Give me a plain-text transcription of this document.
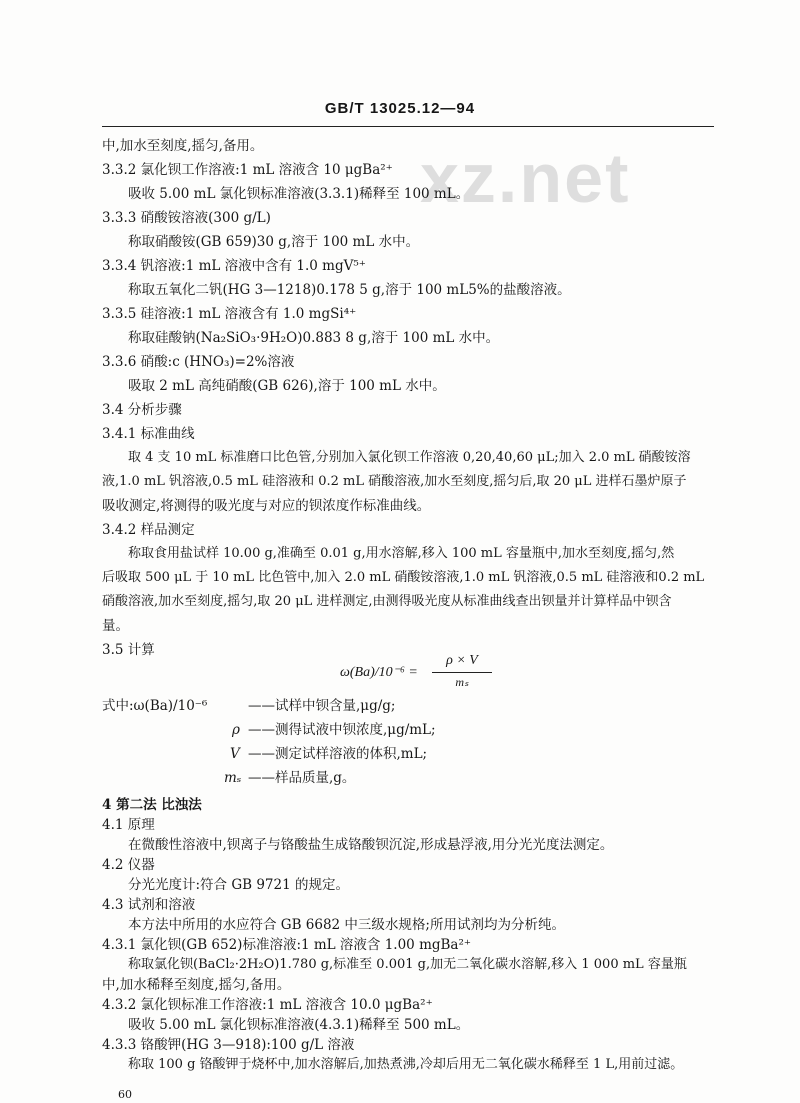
GB/T 13025.12—94
xz.net
中,加水至刻度,摇匀,备用。
3.3.2 氯化钡工作溶液:1 mL 溶液含 10 μgBa²⁺
吸收 5.00 mL 氯化钡标准溶液(3.3.1)稀释至 100 mL。
3.3.3 硝酸铵溶液(300 g/L)
称取硝酸铵(GB 659)30 g,溶于 100 mL 水中。
3.3.4 钒溶液:1 mL 溶液中含有 1.0 mgV⁵⁺
称取五氧化二钒(HG 3—1218)0.178 5 g,溶于 100 mL5%的盐酸溶液。
3.3.5 硅溶液:1 mL 溶液含有 1.0 mgSi⁴⁺
称取硅酸钠(Na₂SiO₃·9H₂O)0.883 8 g,溶于 100 mL 水中。
3.3.6 硝酸:c (HNO₃)=2%溶液
吸取 2 mL 高纯硝酸(GB 626),溶于 100 mL 水中。
3.4 分析步骤
3.4.1 标准曲线
取 4 支 10 mL 标准磨口比色管,分别加入氯化钡工作溶液 0,20,40,60 μL;加入 2.0 mL 硝酸铵溶
液,1.0 mL 钒溶液,0.5 mL 硅溶液和 0.2 mL 硝酸溶液,加水至刻度,摇匀后,取 20 μL 进样石墨炉原子
吸收测定,将测得的吸光度与对应的钡浓度作标准曲线。
3.4.2 样品测定
称取食用盐试样 10.00 g,准确至 0.01 g,用水溶解,移入 100 mL 容量瓶中,加水至刻度,摇匀,然
后吸取 500 μL 于 10 mL 比色管中,加入 2.0 mL 硝酸铵溶液,1.0 mL 钒溶液,0.5 mL 硅溶液和0.2 mL
硝酸溶液,加水至刻度,摇匀,取 20 μL 进样测定,由测得吸光度从标准曲线查出钡量并计算样品中钡含
量。
3.5 计算
ω(Ba)/10⁻⁶ =
ρ × V
mₛ
式中:ω(Ba)/10⁻⁶	——试样中钡含量,μg/g;
ρ ——测得试液中钡浓度,μg/mL;
V ——测定试样溶液的体积,mL;
mₛ ——样品质量,g。
4 第二法 比浊法
4.1 原理
在微酸性溶液中,钡离子与铬酸盐生成铬酸钡沉淀,形成悬浮液,用分光光度法测定。
4.2 仪器
分光光度计:符合 GB 9721 的规定。
4.3 试剂和溶液
本方法中所用的水应符合 GB 6682 中三级水规格;所用试剂均为分析纯。
4.3.1 氯化钡(GB 652)标准溶液:1 mL 溶液含 1.00 mgBa²⁺
称取氯化钡(BaCl₂·2H₂O)1.780 g,标准至 0.001 g,加无二氧化碳水溶解,移入 1 000 mL 容量瓶
中,加水稀释至刻度,摇匀,备用。
4.3.2 氯化钡标准工作溶液:1 mL 溶液含 10.0 μgBa²⁺
吸收 5.00 mL 氯化钡标准溶液(4.3.1)稀释至 500 mL。
60
4.3.3 铬酸钾(HG 3—918):100 g/L 溶液
称取 100 g 铬酸钾于烧杯中,加水溶解后,加热煮沸,冷却后用无二氧化碳水稀释至 1 L,用前过滤。
